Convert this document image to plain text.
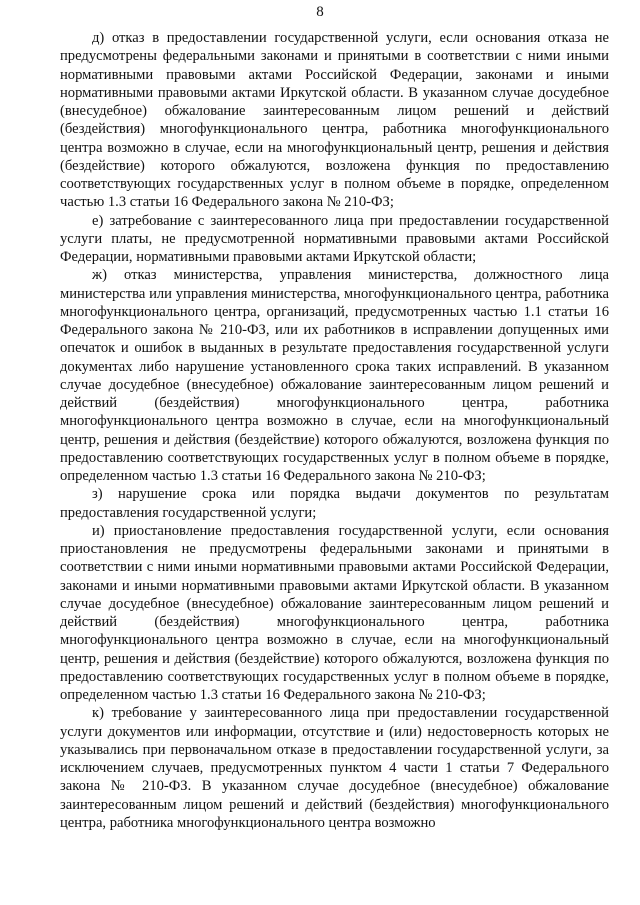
8

д) отказ в предоставлении государственной услуги, если основания отказа не предусмотрены федеральными законами и принятыми в соответствии с ними иными нормативными правовыми актами Российской Федерации, законами и иными нормативными правовыми актами Иркутской области. В указанном случае досудебное (внесудебное) обжалование заинтересованным лицом решений и действий (бездействия) многофункционального центра, работника многофункционального центра возможно в случае, если на многофункциональный центр, решения и действия (бездействие) которого обжалуются, возложена функция по предоставлению соответствующих государственных услуг в полном объеме в порядке, определенном частью 1.3 статьи 16 Федерального закона № 210-ФЗ;

е) затребование с заинтересованного лица при предоставлении государственной услуги платы, не предусмотренной нормативными правовыми актами Российской Федерации, нормативными правовыми актами Иркутской области;

ж) отказ министерства, управления министерства, должностного лица министерства или управления министерства, многофункционального центра, работника многофункционального центра, организаций, предусмотренных частью 1.1 статьи 16 Федерального закона № 210-ФЗ, или их работников в исправлении допущенных ими опечаток и ошибок в выданных в результате предоставления государственной услуги документах либо нарушение установленного срока таких исправлений. В указанном случае досудебное (внесудебное) обжалование заинтересованным лицом решений и действий (бездействия) многофункционального центра, работника многофункционального центра возможно в случае, если на многофункциональный центр, решения и действия (бездействие) которого обжалуются, возложена функция по предоставлению соответствующих государственных услуг в полном объеме в порядке, определенном частью 1.3 статьи 16 Федерального закона № 210-ФЗ;

з) нарушение срока или порядка выдачи документов по результатам предоставления государственной услуги;

и) приостановление предоставления государственной услуги, если основания приостановления не предусмотрены федеральными законами и принятыми в соответствии с ними иными нормативными правовыми актами Российской Федерации, законами и иными нормативными правовыми актами Иркутской области. В указанном случае досудебное (внесудебное) обжалование заинтересованным лицом решений и действий (бездействия) многофункционального центра, работника многофункционального центра возможно в случае, если на многофункциональный центр, решения и действия (бездействие) которого обжалуются, возложена функция по предоставлению соответствующих государственных услуг в полном объеме в порядке, определенном частью 1.3 статьи 16 Федерального закона № 210-ФЗ;

к) требование у заинтересованного лица при предоставлении государственной услуги документов или информации, отсутствие и (или) недостоверность которых не указывались при первоначальном отказе в предоставлении государственной услуги, за исключением случаев, предусмотренных пунктом 4 части 1 статьи 7 Федерального закона № 210-ФЗ. В указанном случае досудебное (внесудебное) обжалование заинтересованным лицом решений и действий (бездействия) многофункционального центра, работника многофункционального центра возможно
